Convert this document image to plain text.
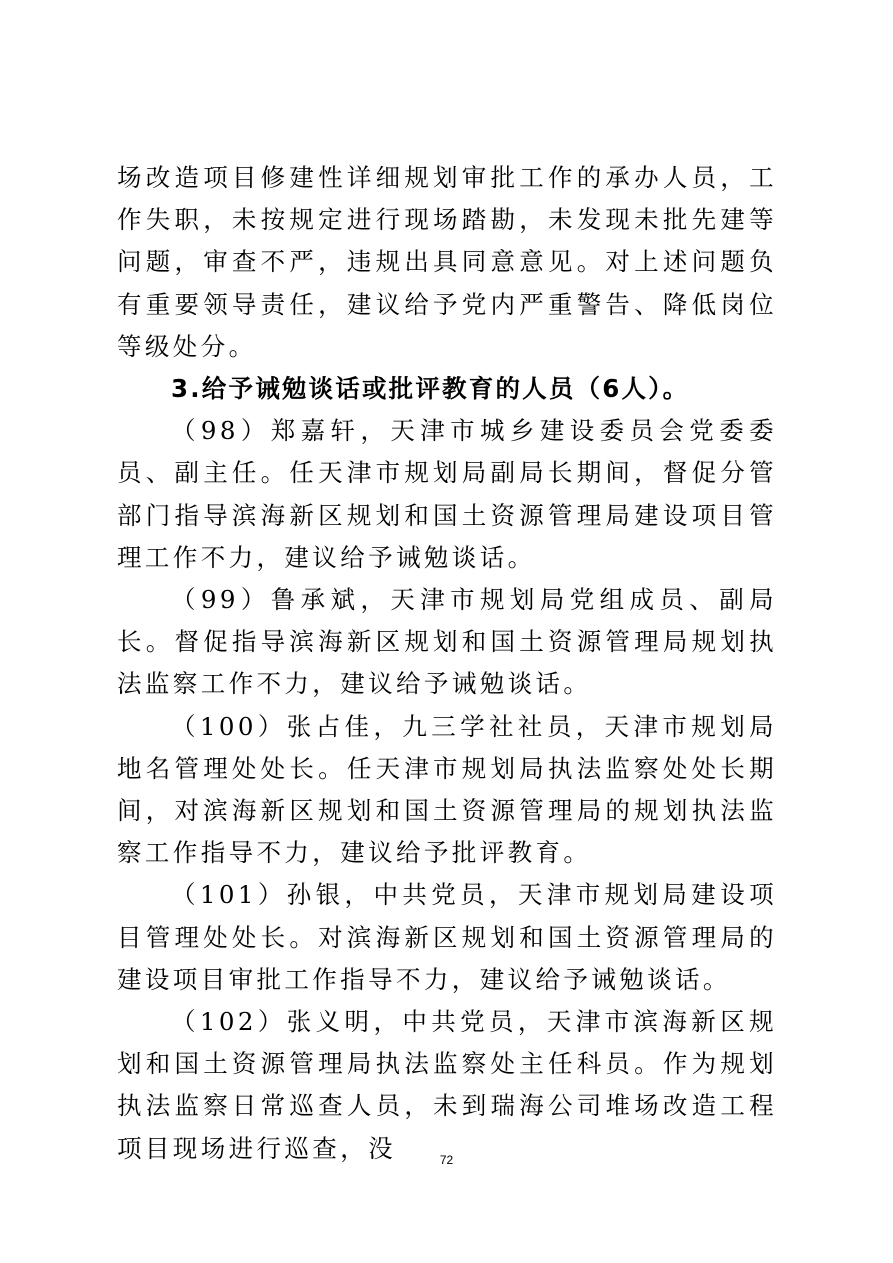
场改造项目修建性详细规划审批工作的承办人员，工作失职，未按规定进行现场踏勘，未发现未批先建等问题，审查不严，违规出具同意意见。对上述问题负有重要领导责任，建议给予党内严重警告、降低岗位等级处分。

3.给予诫勉谈话或批评教育的人员（6人）。

（98）郑嘉轩，天津市城乡建设委员会党委委员、副主任。任天津市规划局副局长期间，督促分管部门指导滨海新区规划和国土资源管理局建设项目管理工作不力，建议给予诫勉谈话。

（99）鲁承斌，天津市规划局党组成员、副局长。督促指导滨海新区规划和国土资源管理局规划执法监察工作不力，建议给予诫勉谈话。

（100）张占佳，九三学社社员，天津市规划局地名管理处处长。任天津市规划局执法监察处处长期间，对滨海新区规划和国土资源管理局的规划执法监察工作指导不力，建议给予批评教育。

（101）孙银，中共党员，天津市规划局建设项目管理处处长。对滨海新区规划和国土资源管理局的建设项目审批工作指导不力，建议给予诫勉谈话。

（102）张义明，中共党员，天津市滨海新区规划和国土资源管理局执法监察处主任科员。作为规划执法监察日常巡查人员，未到瑞海公司堆场改造工程项目现场进行巡查，没	72
